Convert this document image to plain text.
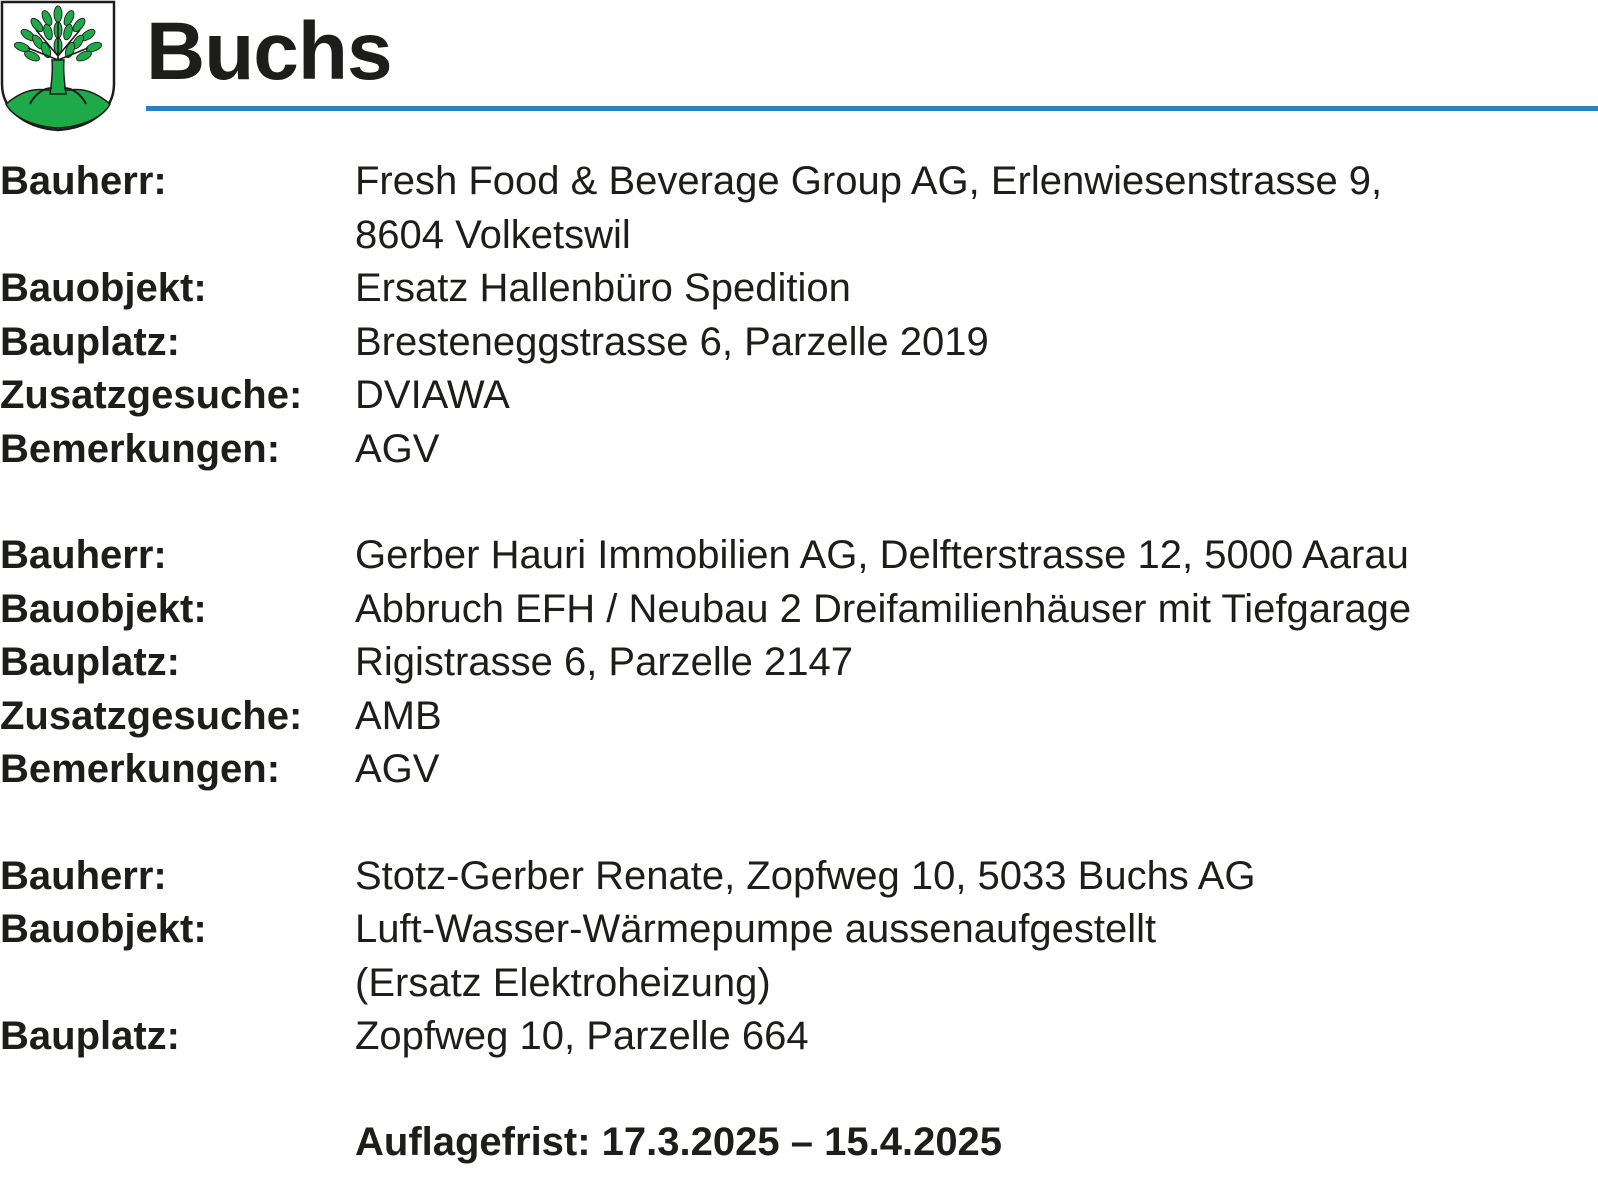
Buchs
Bauherr:	Fresh Food & Beverage Group AG, Erlenwiesenstrasse 9,
8604 Volketswil
Bauobjekt:	Ersatz Hallenbüro Spedition
Bauplatz:	Bresteneggstrasse 6, Parzelle 2019
Zusatzgesuche:	DVIAWA
Bemerkungen:	AGV
Bauherr:	Gerber Hauri Immobilien AG, Delfterstrasse 12, 5000 Aarau
Bauobjekt:	Abbruch EFH / Neubau 2 Dreifamilienhäuser mit Tiefgarage
Bauplatz:	Rigistrasse 6, Parzelle 2147
Zusatzgesuche:	AMB
Bemerkungen:	AGV
Bauherr:	Stotz-Gerber Renate, Zopfweg 10, 5033 Buchs AG
Bauobjekt:	Luft-Wasser-Wärmepumpe aussenaufgestellt
(Ersatz Elektroheizung)
Bauplatz:	Zopfweg 10, Parzelle 664
Auflagefrist: 17.3.2025 – 15.4.2025
